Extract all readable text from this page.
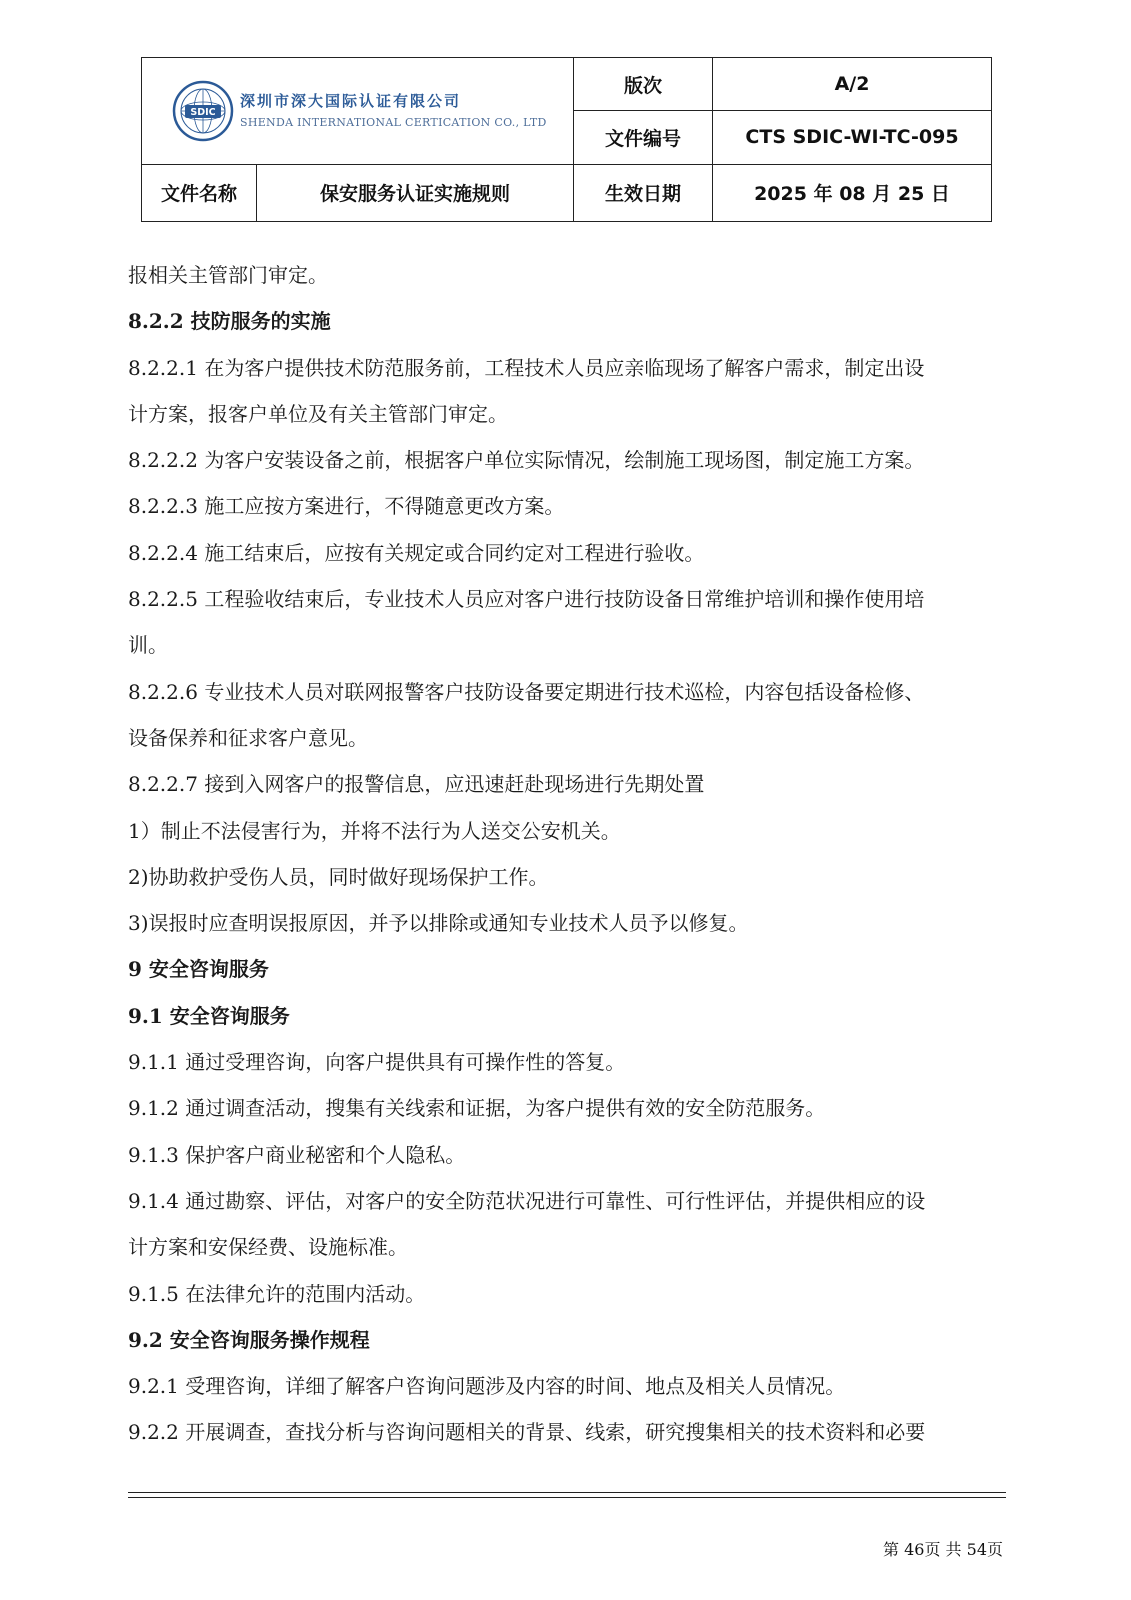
SDIC
深圳市深大国际认证有限公司
SHENDA INTERNATIONAL CERTICATION CO., LTD		版次	A/2
		文件编号	CTS SDIC-WI-TC-095
文件名称	保安服务认证实施规则	生效日期	2025 年 08 月 25 日
报相关主管部门审定。
8.2.2 技防服务的实施
8.2.2.1 在为客户提供技术防范服务前，工程技术人员应亲临现场了解客户需求，制定出设
计方案，报客户单位及有关主管部门审定。
8.2.2.2 为客户安装设备之前，根据客户单位实际情况，绘制施工现场图，制定施工方案。
8.2.2.3 施工应按方案进行，不得随意更改方案。
8.2.2.4 施工结束后，应按有关规定或合同约定对工程进行验收。
8.2.2.5 工程验收结束后，专业技术人员应对客户进行技防设备日常维护培训和操作使用培
训。
8.2.2.6 专业技术人员对联网报警客户技防设备要定期进行技术巡检，内容包括设备检修、
设备保养和征求客户意见。
8.2.2.7 接到入网客户的报警信息，应迅速赶赴现场进行先期处置
1）制止不法侵害行为，并将不法行为人送交公安机关。
2)协助救护受伤人员，同时做好现场保护工作。
3)误报时应查明误报原因，并予以排除或通知专业技术人员予以修复。
9 安全咨询服务
9.1 安全咨询服务
9.1.1 通过受理咨询，向客户提供具有可操作性的答复。
9.1.2 通过调查活动，搜集有关线索和证据，为客户提供有效的安全防范服务。
9.1.3 保护客户商业秘密和个人隐私。
9.1.4 通过勘察、评估，对客户的安全防范状况进行可靠性、可行性评估，并提供相应的设
计方案和安保经费、设施标准。
9.1.5 在法律允许的范围内活动。
9.2 安全咨询服务操作规程
9.2.1 受理咨询，详细了解客户咨询问题涉及内容的时间、地点及相关人员情况。
9.2.2 开展调查，查找分析与咨询问题相关的背景、线索，研究搜集相关的技术资料和必要
第 46页 共 54页
